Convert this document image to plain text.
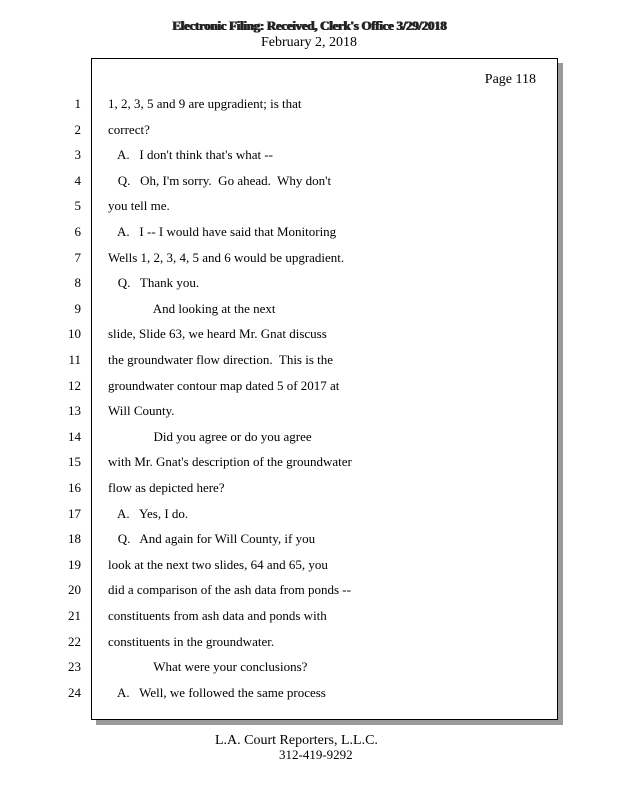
Electronic Filing: Received, Clerk's Office 3/29/2018
February 2, 2018
Page 118
1 1, 2, 3, 5 and 9 are upgradient; is that
2 correct?
3 A.   I don't think that's what --
4 Q.   Oh, I'm sorry.  Go ahead.  Why don't
5 you tell me.
6 A.   I -- I would have said that Monitoring
7 Wells 1, 2, 3, 4, 5 and 6 would be upgradient.
8 Q.   Thank you.
9 And looking at the next
10 slide, Slide 63, we heard Mr. Gnat discuss
11 the groundwater flow direction.  This is the
12 groundwater contour map dated 5 of 2017 at
13 Will County.
14 Did you agree or do you agree
15 with Mr. Gnat's description of the groundwater
16 flow as depicted here?
17 A.   Yes, I do.
18 Q.   And again for Will County, if you
19 look at the next two slides, 64 and 65, you
20 did a comparison of the ash data from ponds --
21 constituents from ash data and ponds with
22 constituents in the groundwater.
23 What were your conclusions?
24 A.   Well, we followed the same process
L.A. Court Reporters, L.L.C.
312-419-9292
